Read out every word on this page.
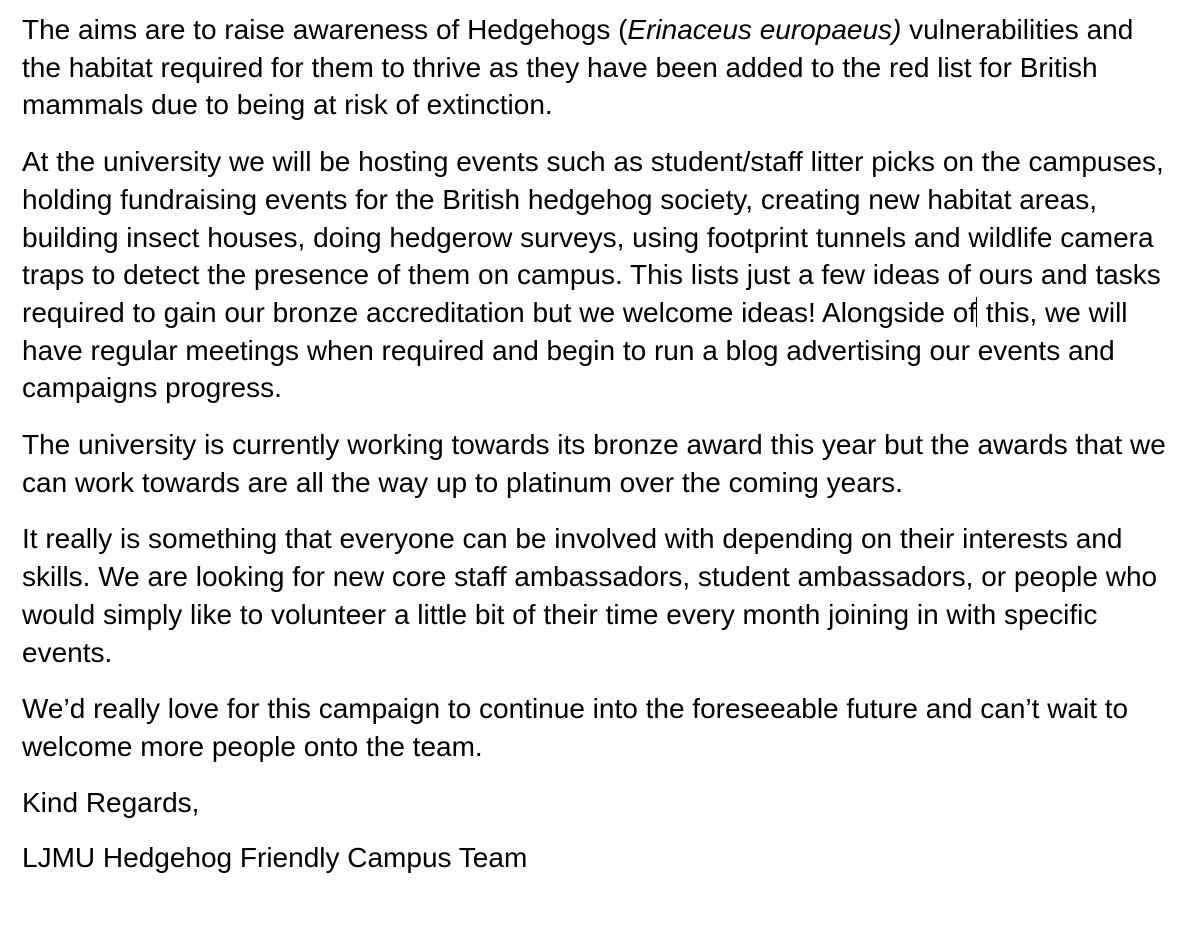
The aims are to raise awareness of Hedgehogs (Erinaceus europaeus) vulnerabilities and the habitat required for them to thrive as they have been added to the red list for British mammals due to being at risk of extinction.

At the university we will be hosting events such as student/staff litter picks on the campuses, holding fundraising events for the British hedgehog society, creating new habitat areas, building insect houses, doing hedgerow surveys, using footprint tunnels and wildlife camera traps to detect the presence of them on campus. This lists just a few ideas of ours and tasks required to gain our bronze accreditation but we welcome ideas! Alongside of this, we will have regular meetings when required and begin to run a blog advertising our events and campaigns progress.

The university is currently working towards its bronze award this year but the awards that we can work towards are all the way up to platinum over the coming years.

It really is something that everyone can be involved with depending on their interests and skills. We are looking for new core staff ambassadors, student ambassadors, or people who would simply like to volunteer a little bit of their time every month joining in with specific events.

We’d really love for this campaign to continue into the foreseeable future and can’t wait to welcome more people onto the team.

Kind Regards,

LJMU Hedgehog Friendly Campus Team
